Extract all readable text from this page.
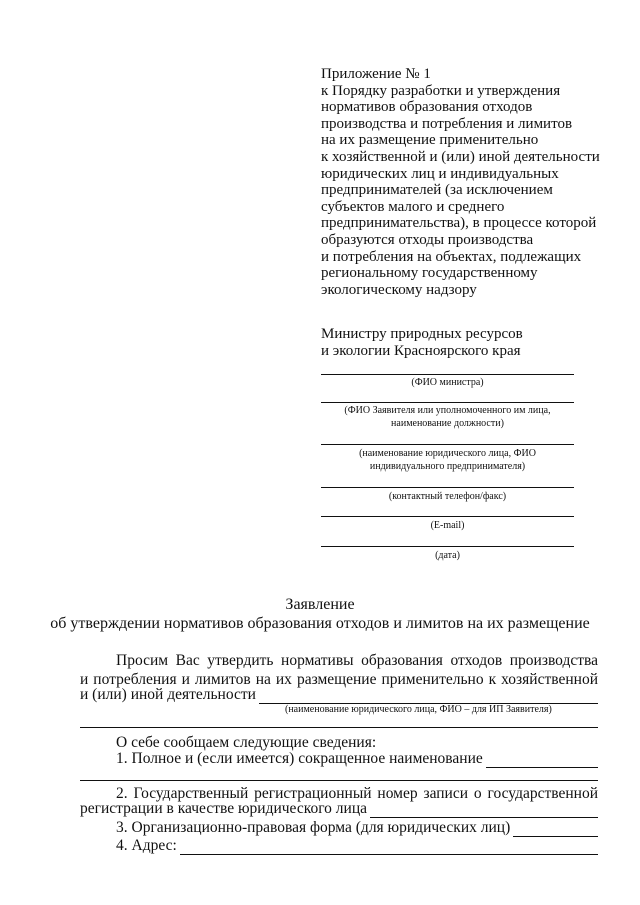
Приложение № 1
к Порядку разработки и утверждения
нормативов образования отходов
производства и потребления и лимитов
на их размещение применительно
к хозяйственной и (или) иной деятельности
юридических лиц и индивидуальных
предпринимателей (за исключением
субъектов малого и среднего
предпринимательства), в процессе которой
образуются отходы производства
и потребления на объектах, подлежащих
региональному государственному
экологическому надзору
Министру природных ресурсов
и экологии Красноярского края
(ФИО министра)
(ФИО Заявителя или уполномоченного им лица,
наименование должности)
(наименование юридического лица, ФИО
индивидуального предпринимателя)
(контактный телефон/факс)
(E-mail)
(дата)
Заявление
об утверждении нормативов образования отходов и лимитов на их размещение
Просим Вас утвердить нормативы образования отходов производства
и потребления и лимитов на их размещение применительно к хозяйственной
и (или) иной деятельности
(наименование юридического лица, ФИО – для ИП Заявителя)
О себе сообщаем следующие сведения:
1. Полное и (если имеется) сокращенное наименование
2. Государственный регистрационный номер записи о государственной
регистрации в качестве юридического лица
3. Организационно-правовая форма (для юридических лиц)
4. Адрес:
